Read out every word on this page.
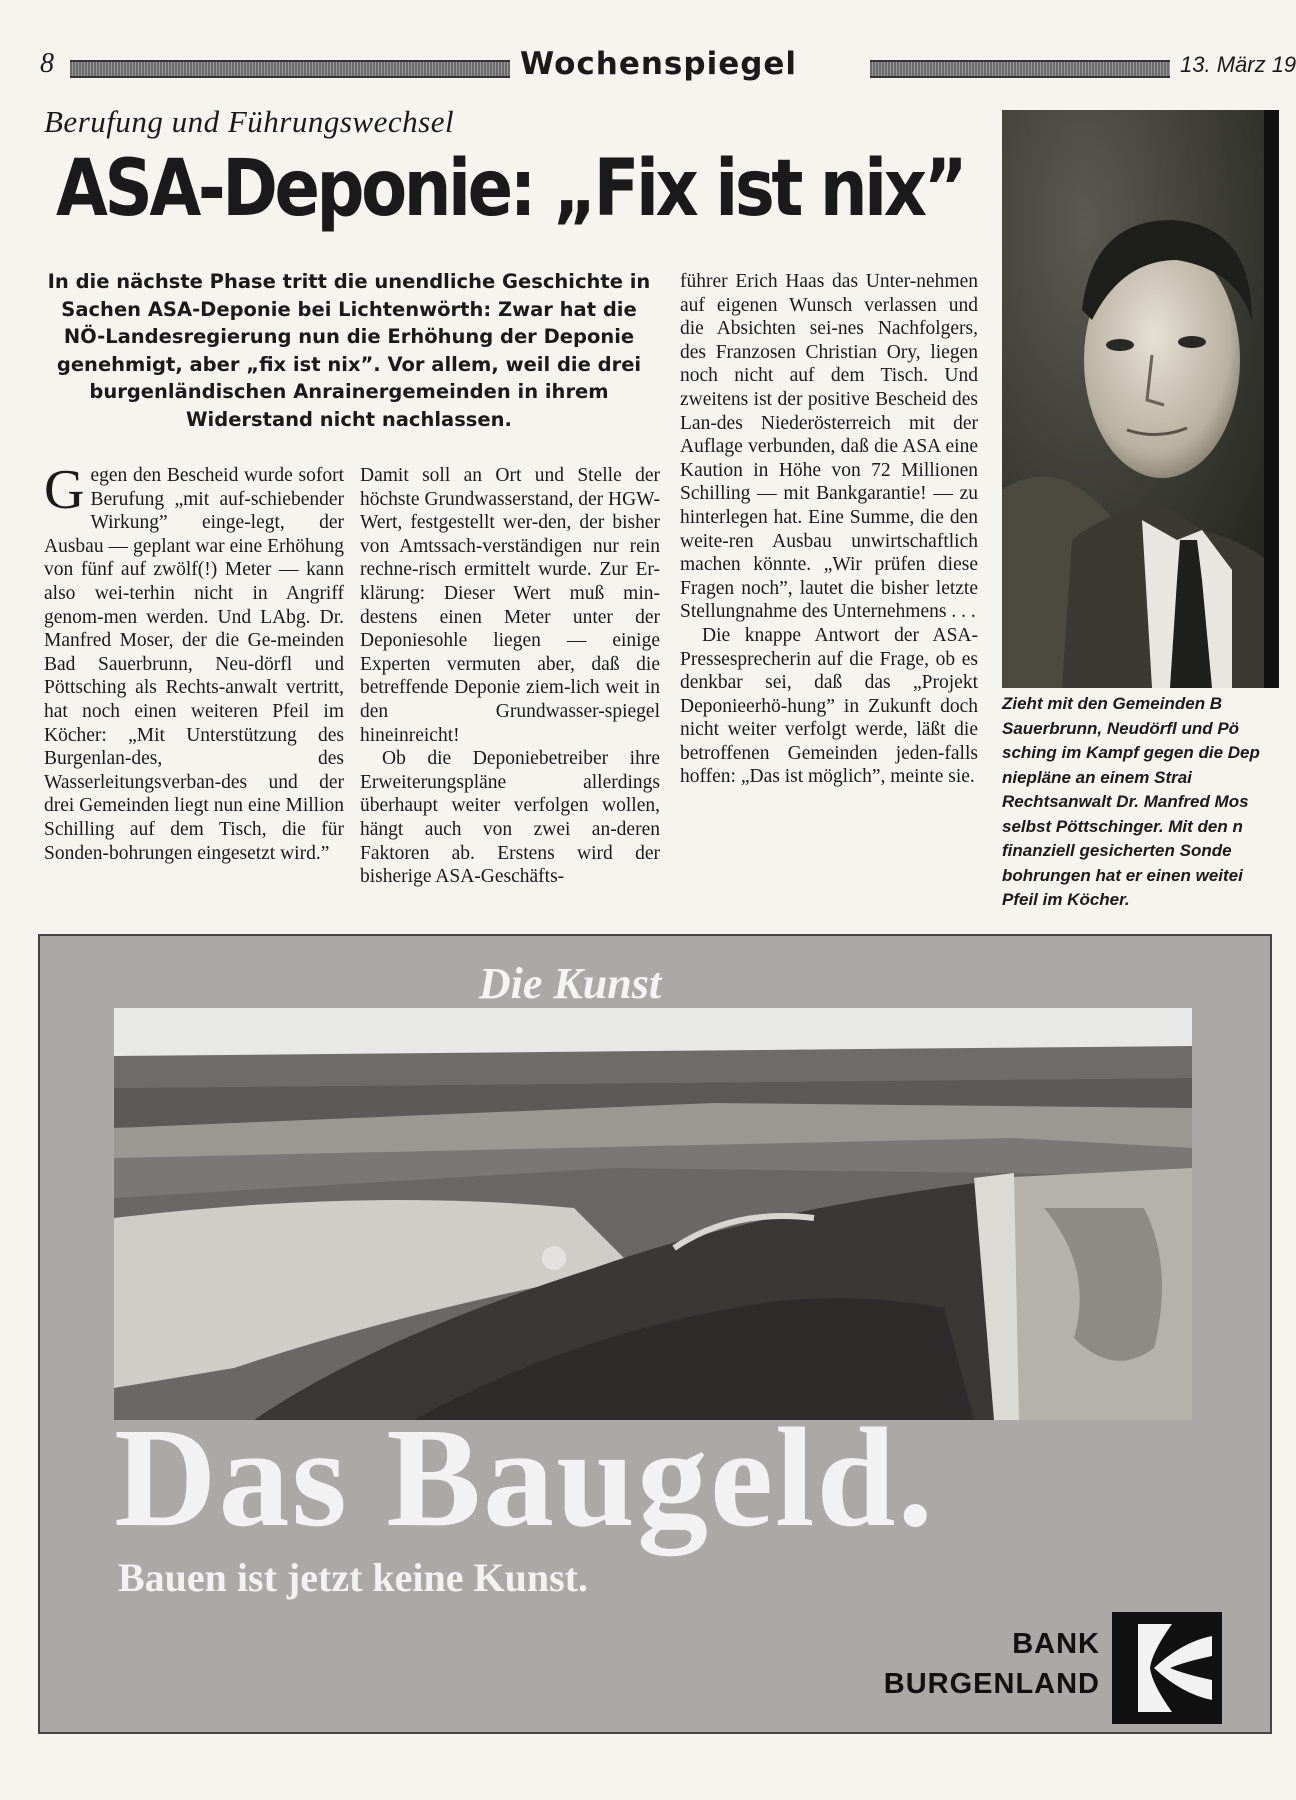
8	Wochenspiegel	13. März 19
Berufung und Führungswechsel
ASA-Deponie: „Fix ist nix”
In die nächste Phase tritt die unendliche Geschichte in Sachen ASA-Deponie bei Lichtenwörth: Zwar hat die NÖ-Landesregierung nun die Erhöhung der Deponie genehmigt, aber „fix ist nix”. Vor allem, weil die drei burgenländischen Anrainergemeinden in ihrem Widerstand nicht nachlassen.

Gegen den Bescheid wurde sofort Berufung „mit auf-schiebender Wirkung” einge-legt, der Ausbau — geplant war eine Erhöhung von fünf auf zwölf(!) Meter — kann also wei-terhin nicht in Angriff genom-men werden. Und LAbg. Dr. Manfred Moser, der die Ge-meinden Bad Sauerbrunn, Neu-dörfl und Pöttsching als Rechts-anwalt vertritt, hat noch einen weiteren Pfeil im Köcher: „Mit Unterstützung des Burgenlan-des, des Wasserleitungsverban-des und der drei Gemeinden liegt nun eine Million Schilling auf dem Tisch, die für Sonden-bohrungen eingesetzt wird.”

Damit soll an Ort und Stelle der höchste Grundwasserstand, der HGW-Wert, festgestellt wer-den, der bisher von Amtssach-verständigen nur rein rechne-risch ermittelt wurde. Zur Er-klärung: Dieser Wert muß min-destens einen Meter unter der Deponiesohle liegen — einige Experten vermuten aber, daß die betreffende Deponie ziem-lich weit in den Grundwasser-spiegel hineinreicht!

Ob die Deponiebetreiber ihre Erweiterungspläne allerdings überhaupt weiter verfolgen wollen, hängt auch von zwei an-deren Faktoren ab. Erstens wird der bisherige ASA-Geschäfts-

führer Erich Haas das Unter-nehmen auf eigenen Wunsch verlassen und die Absichten sei-nes Nachfolgers, des Franzosen Christian Ory, liegen noch nicht auf dem Tisch. Und zweitens ist der positive Bescheid des Lan-des Niederösterreich mit der Auflage verbunden, daß die ASA eine Kaution in Höhe von 72 Millionen Schilling — mit Bankgarantie! — zu hinterlegen hat. Eine Summe, die den weite-ren Ausbau unwirtschaftlich machen könnte. „Wir prüfen diese Fragen noch”, lautet die bisher letzte Stellungnahme des Unternehmens . . .

Die knappe Antwort der ASA-Pressesprecherin auf die Frage, ob es denkbar sei, daß das „Projekt Deponieerhö-hung” in Zukunft doch nicht weiter verfolgt werde, läßt die betroffenen Gemeinden jeden-falls hoffen: „Das ist möglich”, meinte sie.

Zieht mit den Gemeinden B
Sauerbrunn, Neudörfl und Pö
sching im Kampf gegen die Dep
niepläne an einem Strai
Rechtsanwalt Dr. Manfred Mos
selbst Pöttschinger. Mit den n
finanziell gesicherten Sonde
bohrungen hat er einen weitei
Pfeil im Köcher.
Die Kunst
Das Baugeld.
Bauen ist jetzt keine Kunst.
BANK
BURGENLAND
